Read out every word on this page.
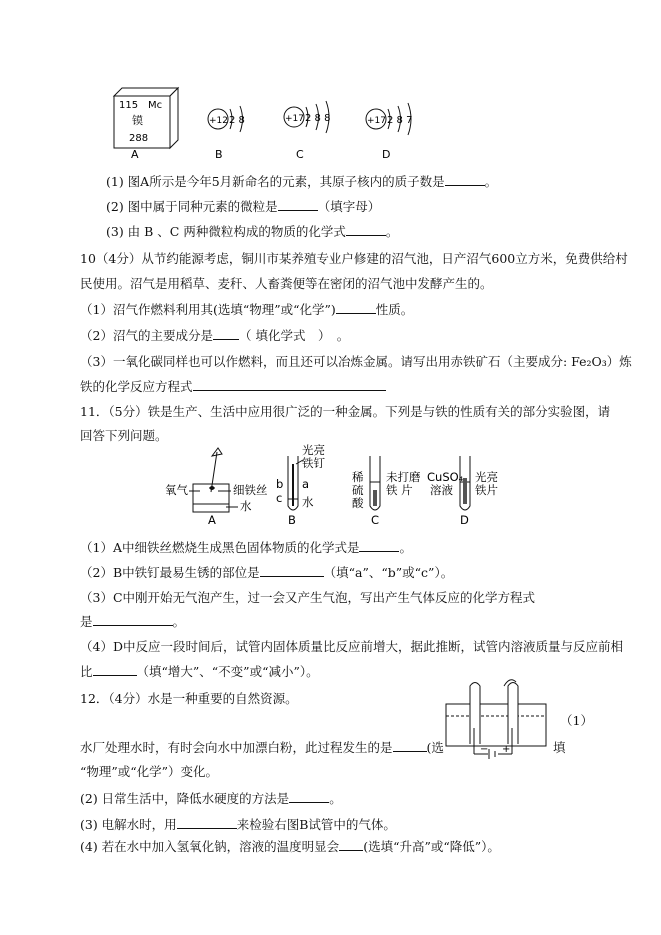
115 Mc
镆
288
+12 2 8	+17 2 8 8	+17 2 8 7
A	B	C	D
(1) 图A所示是今年5月新命名的元素，其原子核内的质子数是	。
(2) 图中属于同种元素的微粒是	（填字母）
(3) 由 B 、C 两种微粒构成的物质的化学式	。
10（4分）从节约能源考虑，铜川市某养殖专业户修建的沼气池，日产沼气600立方米，免费供给村
民使用。沼气是用稻草、麦秆、人畜粪便等在密闭的沼气池中发酵产生的。
（1）沼气作燃料利用其(选填“物理”或“化学”)	性质。
（2）沼气的主要成分是 （ 填化学式　）　。
（3）一氧化碳同样也可以作燃料，而且还可以冶炼金属。请写出用赤铁矿石（主要成分: Fe₂O₃）炼
铁的化学反应方程式
11．（5分）铁是生产、生活中应用很广泛的一种金属。下列是与铁的性质有关的部分实验图，请
回答下列问题。
氧气	细铁丝
水
A
光亮
铁钉
b a
c 水
B
稀
硫
酸
未打磨
铁 片
C
CuSO₄
溶液
光亮
铁片
D
（1）A中细铁丝燃烧生成黑色固体物质的化学式是	。
（2）B中铁钉最易生锈的部位是	（填“a”、“b”或“c”）。
（3）C中刚开始无气泡产生，过一会又产生气泡，写出产生气体反应的化学方程式
是	。
（4）D中反应一段时间后，试管内固体质量比反应前增大，据此推断，试管内溶液质量与反应前相
比	（填“增大”、“不变”或“减小”）。
12．（4分）水是一种重要的自然资源。
− +
（1）
水厂处理水时，有时会向水中加漂白粉，此过程发生的是	(选	填
“物理”或“化学”）变化。
(2) 日常生活中，降低水硬度的方法是	。
(3) 电解水时，用	来检验右图B试管中的气体。
(4) 若在水中加入氢氧化钠，溶液的温度明显会 (选填“升高”或“降低”）。
